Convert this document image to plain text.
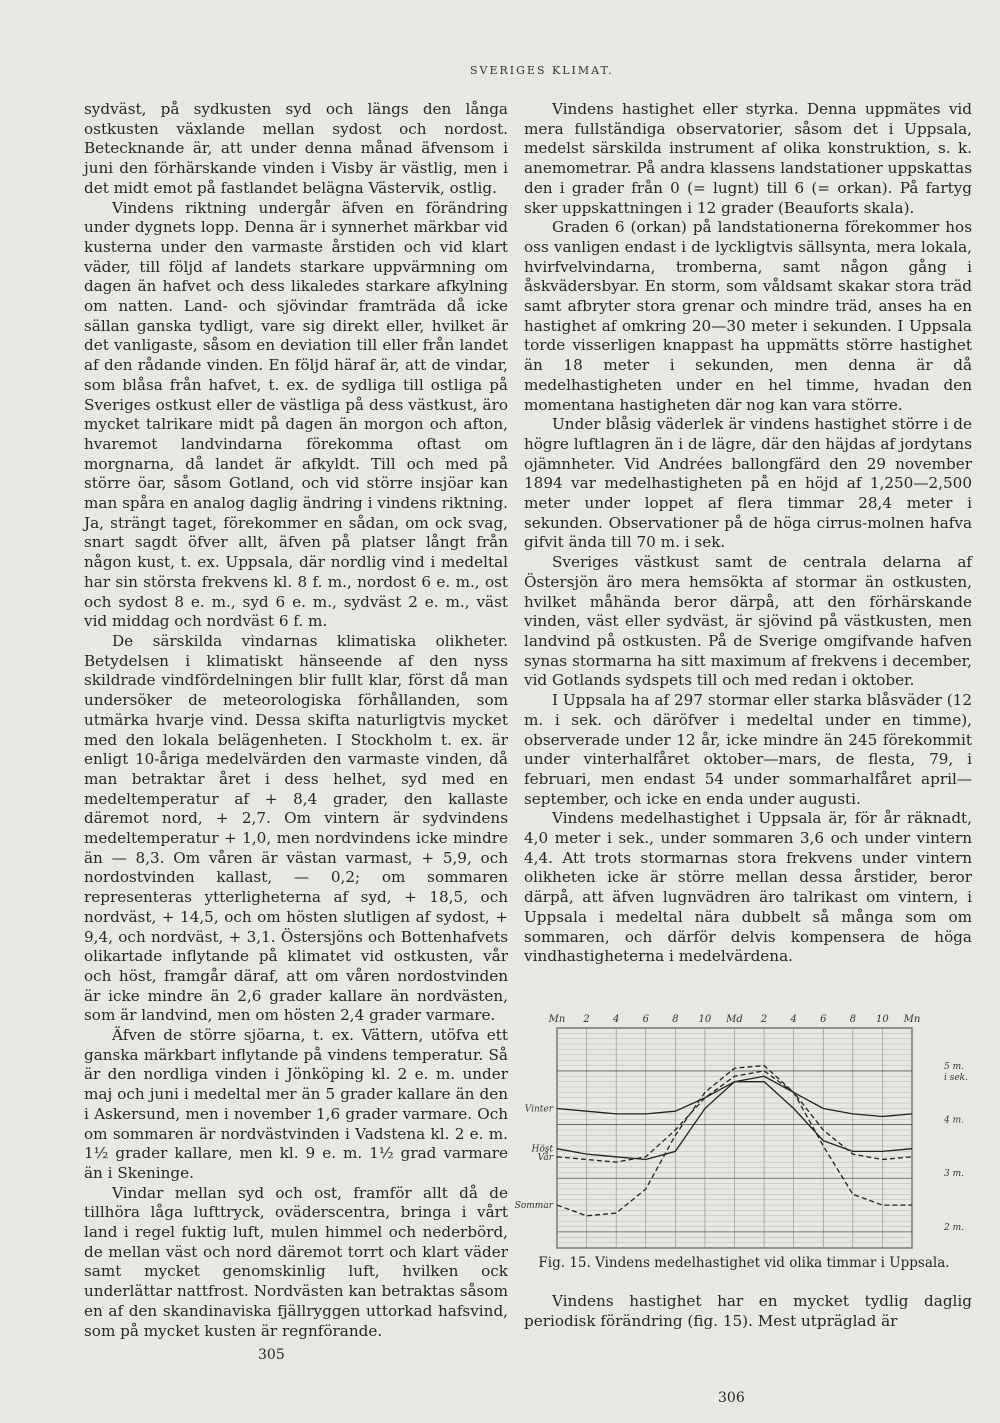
SVERIGES KLIMAT.

sydväst, på sydkusten syd och längs den långa ostkusten växlande mellan sydost och nordost. Betecknande är, att under denna månad äfvensom i juni den förhärskande vinden i Visby är västlig, men i det midt emot på fastlandet belägna Västervik, ostlig.

Vindens riktning undergår äfven en förändring under dygnets lopp. Denna är i synnerhet märkbar vid kusterna under den varmaste årstiden och vid klart väder, till följd af landets starkare uppvärmning om dagen än hafvet och dess likaledes starkare afkylning om natten. Land- och sjövindar framträda då icke sällan ganska tydligt, vare sig direkt eller, hvilket är det vanligaste, såsom en deviation till eller från landet af den rådande vinden. En följd häraf är, att de vindar, som blåsa från hafvet, t. ex. de sydliga till ostliga på Sveriges ostkust eller de västliga på dess västkust, äro mycket talrikare midt på dagen än morgon och afton, hvaremot landvindarna förekomma oftast om morgnarna, då landet är afkyldt. Till och med på större öar, såsom Gotland, och vid större insjöar kan man spåra en analog daglig ändring i vindens riktning. Ja, strängt taget, förekommer en sådan, om ock svag, snart sagdt öfver allt, äfven på platser långt från någon kust, t. ex. Uppsala, där nordlig vind i medeltal har sin största frekvens kl. 8 f. m., nordost 6 e. m., ost och sydost 8 e. m., syd 6 e. m., sydväst 2 e. m., väst vid middag och nordväst 6 f. m.

De särskilda vindarnas klimatiska olikheter. Betydelsen i klimatiskt hänseende af den nyss skildrade vindfördelningen blir fullt klar, först då man undersöker de meteorologiska förhållanden, som utmärka hvarje vind. Dessa skifta naturligtvis mycket med den lokala belägenheten. I Stockholm t. ex. är enligt 10-åriga medelvärden den varmaste vinden, då man betraktar året i dess helhet, syd med en medeltemperatur af + 8,4 grader, den kallaste däremot nord, + 2,7. Om vintern är sydvindens medeltemperatur + 1,0, men nordvindens icke mindre än — 8,3. Om våren är västan varmast, + 5,9, och nordostvinden kallast, — 0,2; om sommaren representeras ytterligheterna af syd, + 18,5, och nordväst, + 14,5, och om hösten slutligen af sydost, + 9,4, och nordväst, + 3,1. Östersjöns och Bottenhafvets olikartade inflytande på klimatet vid ostkusten, vår och höst, framgår däraf, att om våren nordostvinden är icke mindre än 2,6 grader kallare än nordvästen, som är landvind, men om hösten 2,4 grader varmare.

Äfven de större sjöarna, t. ex. Vättern, utöfva ett ganska märkbart inflytande på vindens temperatur. Så är den nordliga vinden i Jönköping kl. 2 e. m. under maj och juni i medeltal mer än 5 grader kallare än den i Askersund, men i november 1,6 grader varmare. Och om sommaren är nordvästvinden i Vadstena kl. 2 e. m. 1½ grader kallare, men kl. 9 e. m. 1½ grad varmare än i Skeninge.

Vindar mellan syd och ost, framför allt då de tillhöra låga lufttryck, oväderscentra, bringa i vårt land i regel fuktig luft, mulen himmel och nederbörd, de mellan väst och nord däremot torrt och klart väder samt mycket genomskinlig luft, hvilken ock underlättar nattfrost. Nordvästen kan betraktas såsom en af den skandinaviska fjällryggen uttorkad hafsvind, som på mycket kusten är regnförande.

Vindens hastighet eller styrka. Denna uppmätes vid mera fullständiga observatorier, såsom det i Uppsala, medelst särskilda instrument af olika konstruktion, s. k. anemometrar. På andra klassens landstationer uppskattas den i grader från 0 (= lugnt) till 6 (= orkan). På fartyg sker uppskattningen i 12 grader (Beauforts skala).

Graden 6 (orkan) på landstationerna förekommer hos oss vanligen endast i de lyckligtvis sällsynta, mera lokala, hvirfvelvindarna, tromberna, samt någon gång i åskvädersbyar. En storm, som våldsamt skakar stora träd samt afbryter stora grenar och mindre träd, anses ha en hastighet af omkring 20—30 meter i sekunden. I Uppsala torde visserligen knappast ha uppmätts större hastighet än 18 meter i sekunden, men denna är då medelhastigheten under en hel timme, hvadan den momentana hastigheten där nog kan vara större.

Under blåsig väderlek är vindens hastighet större i de högre luftlagren än i de lägre, där den häjdas af jordytans ojämnheter. Vid Andrées ballongfärd den 29 november 1894 var medelhastigheten på en höjd af 1,250—2,500 meter under loppet af flera timmar 28,4 meter i sekunden. Observationer på de höga cirrus-molnen hafva gifvit ända till 70 m. i sek.

Sveriges västkust samt de centrala delarna af Östersjön äro mera hemsökta af stormar än ostkusten, hvilket måhända beror därpå, att den förhärskande vinden, väst eller sydväst, är sjövind på västkusten, men landvind på ostkusten. På de Sverige omgifvande hafven synas stormarna ha sitt maximum af frekvens i december, vid Gotlands sydspets till och med redan i oktober.

I Uppsala ha af 297 stormar eller starka blåsväder (12 m. i sek. och däröfver i medeltal under en timme), observerade under 12 år, icke mindre än 245 förekommit under vinterhalfåret oktober—mars, de flesta, 79, i februari, men endast 54 under sommarhalfåret april—september, och icke en enda under augusti.

Vindens medelhastighet i Uppsala är, för år räknadt, 4,0 meter i sek., under sommaren 3,6 och under vintern 4,4. Att trots stormarnas stora frekvens under vintern olikheten icke är större mellan dessa årstider, beror därpå, att äfven lugnvädren äro talrikast om vintern, i Uppsala i medeltal nära dubbelt så många som om sommaren, och därför delvis kompensera de höga vindhastigheterna i medelvärdena.

Mn 2 4 6 8 10 Md 2 4 6 8 10 Mn
5 m.
i sek.
4 m.
3 m.
2 m.
Vinter
Höst
Vår
Sommar
Fig. 15. Vindens medelhastighet vid olika timmar i Uppsala.

Vindens hastighet har en mycket tydlig daglig periodisk förändring (fig. 15). Mest utpräglad är

305
306
